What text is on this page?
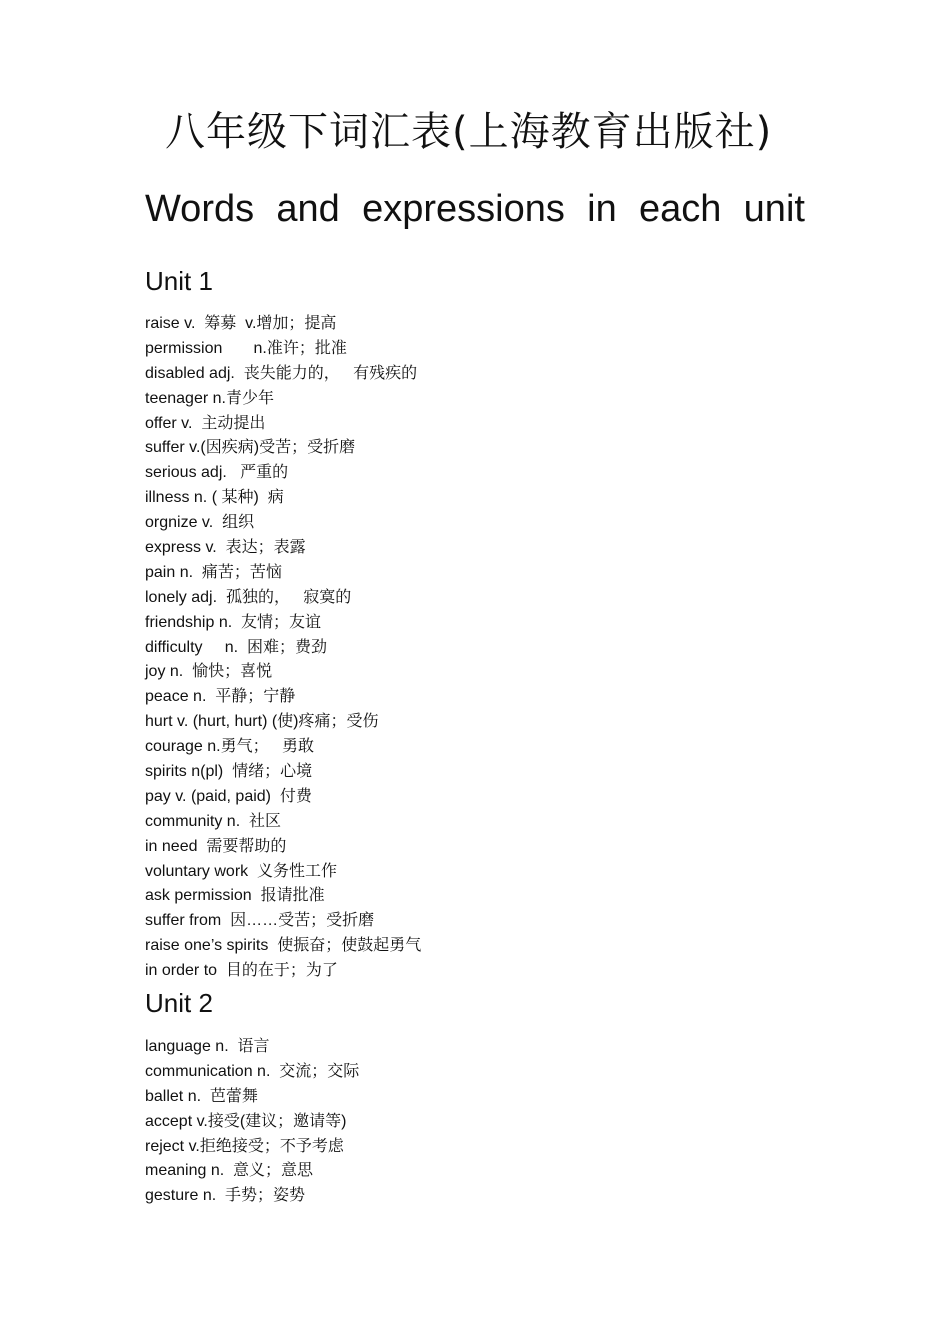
八年级下词汇表(上海教育出版社)
Words and expressions in each unit
Unit 1
raise v.  筹募  v.增加；提高
permission       n.准许；批准
disabled adj.  丧失能力的，   有残疾的
teenager n.青少年
offer v.  主动提出
suffer v.(因疾病)受苦；受折磨
serious adj.   严重的
illness n. ( 某种)  病
orgnize v.  组织
express v.  表达；表露
pain n.  痛苦；苦恼
lonely adj.  孤独的，   寂寞的
friendship n.  友情；友谊
difficulty     n.  困难；费劲
joy n.  愉快；喜悦
peace n.  平静；宁静
hurt v. (hurt, hurt) (使)疼痛；受伤
courage n.勇气；   勇敢
spirits n(pl)  情绪；心境
pay v. (paid, paid)  付费
community n.  社区
in need  需要帮助的
voluntary work  义务性工作
ask permission  报请批准
suffer from  因……受苦；受折磨
raise one’s spirits  使振奋；使鼓起勇气
in order to  目的在于；为了
Unit 2
language n.  语言
communication n.  交流；交际
ballet n.  芭蕾舞
accept v.接受(建议；邀请等)
reject v.拒绝接受；不予考虑
meaning n.  意义；意思
gesture n.  手势；姿势
